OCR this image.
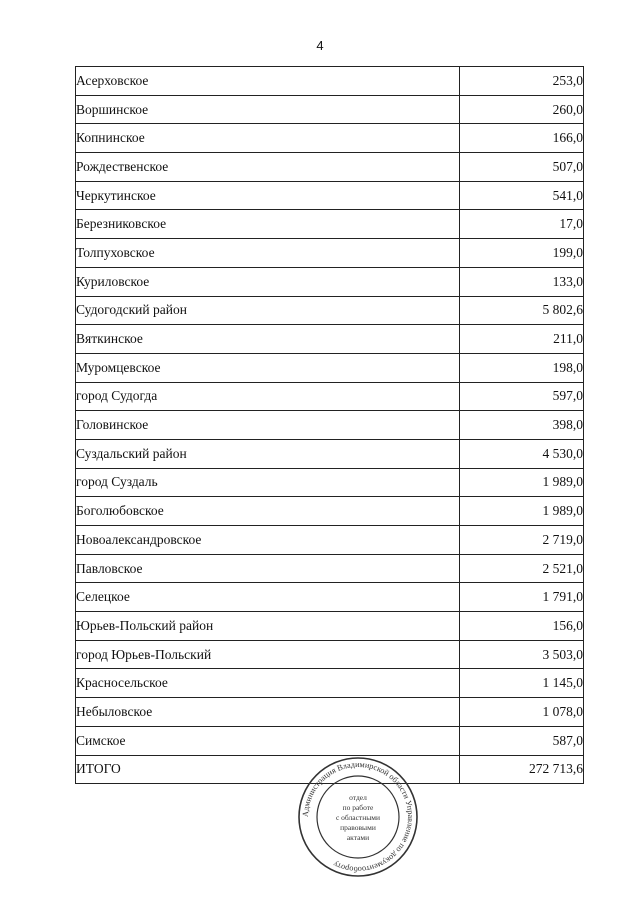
4
Асерховское	253,0
Воршинское	260,0
Копнинское	166,0
Рождественское	507,0
Черкутинское	541,0
Березниковское	17,0
Толпуховское	199,0
Куриловское	133,0
Судогодский район	5 802,6
Вяткинское	211,0
Муромцевское	198,0
город Судогда	597,0
Головинское	398,0
Суздальский район	4 530,0
город Суздаль	1 989,0
Боголюбовское	1 989,0
Новоалександровское	2 719,0
Павловское	2 521,0
Селецкое	1 791,0
Юрьев-Польский район	156,0
город Юрьев-Польский	3 503,0
Красносельское	1 145,0
Небыловское	1 078,0
Симское	587,0
ИТОГО	272 713,6
Администрация Владимирской области Управление по документообороту
отдел
по работе
с областными
правовыми
актами
